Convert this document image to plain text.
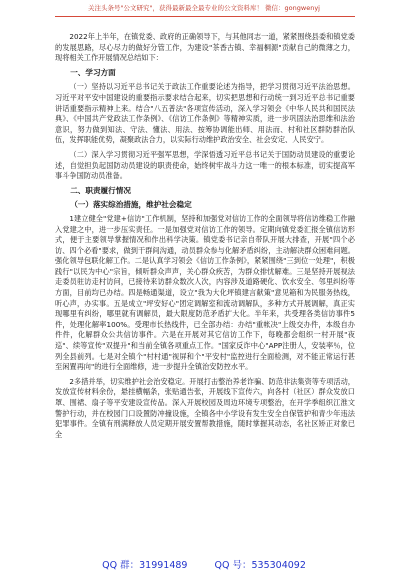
关注头条号"公文研究"，获得最新最全最专业的公文资料库！ 微信：gongwenyj

2022年上半年，在镇党委、政府的正确领导下，与其他同志一道，紧紧围绕县委和镇党委的发展思路，尽心尽力的做好分管工作，为建设"茶香古镇、幸福桐源"贡献自己的微薄之力，现将相关工作开展情况总结如下：

一、学习方面

（一）坚持以习近平总书记关于政法工作重要论述为指导，把学习贯彻习近平法治思想。习近平对平安中国建设的重要指示要求结合起来，切实把思想和行动统一到习近平总书记重要讲话重要指示精神上来。结合"八五普法"各项宣传活动，深入学习领会《中华人民共和国民法典》、《中国共产党政法工作条例》、《信访工作条例》等精神实质，进一步巩固法治思维和法治意识，努力做到知法、守法、懂法、用法、按筹协调能出师、用法而、村和社区群防群治队伍，发挥职能优势，凝聚政法合力，以实际行动维护政治安全、社会安定、人民安宁。

（二）深入学习贯彻习近平强军思想，学深悟透习近平总书记关于国防动员建设的重要论述，自觉担负起国防动员建设的职责使命，始终树牢战斗力这一唯一的根本标准，切实提高军事斗争国防动员准备。

二、职责履行情况
（一）落实综治措施，维护社会稳定

1建立健全"党建+信访"工作机制，坚持和加强党对信访工作的全面领导将信访维稳工作融入党建之中，进一步压实责任。一是加强党对信访工作的领导。定期向镇党委汇报全镇信访形式，便于主要领导掌握情况和作出科学决策。镇党委书记亲自带队开展大排查，开展"四个必访、四个必看"要求，做到干群间沟通，动员群众参与化解矛盾纠纷，主动解决群众困难问题。强化领导包联化解工作。二是认真学习领会《信访工作条例》，紧紧围绕"三到位一处理"，积极践行"以民为中心"宗旨，倾听群众声声，关心群众疾苦，为群众排忧解难。三是坚持开展视法走委员驻访走村访问，已接待来访群众数次人次，内容涉及道路硬化、饮水安全、邻里纠纷等方面，目前均已办结。四是畅通渠道，设立"我为大化坪镇建言献策"意见箱和为民服务热线，听心声，办实事。五是成立"坪安好心"团定调解室和流动调解队，多种方式开展调解，真正实现哪里有纠纷，哪里就有调解员，最大限度防范矛盾扩大化。半年来，共受理各类信访事件5件，处理化解率100%。受理市长热线件，已全部办结：办结"重帐决"上级交办件，本级自办件件，化解群众公共信访事件。六是在开展对其它信访工作下，每晚都会组织一村开展"夜巡"、续等宣传"双提升"和当前全镇各项重点工作。"国家反诈中心"APP注册人，安装率％，位列全县前列。七是对全镇个"村村通"视屏和个"平安村"监控进行全面检测，对不能正常运行甚至闲置再向"的进行全面维修，进一步提升全镇治安防控水平。

2多措并举，切实维护社会治安稳定。开展打击整治养老诈骗、防范非法集资等专项活动，发放宣传材料余份，悬挂横幅条，张贴通告张，开展线下宣传六，向各村（社区）群众发放口罩、围裙、扇子等平安建设宣传品。深入开展校园及周边环境专项整治，在开学季组织江淮文警护行动，并在校园门口设置防冲撞设施，全镇各中小学设有发生安全自保管护和青少年违法犯罪事件。全镇有刑满释放人员定期开展安置帮教措施，随时掌握其动态，名社区矫正对象已全

QQ 群：31991489	QQ 号：535304092
